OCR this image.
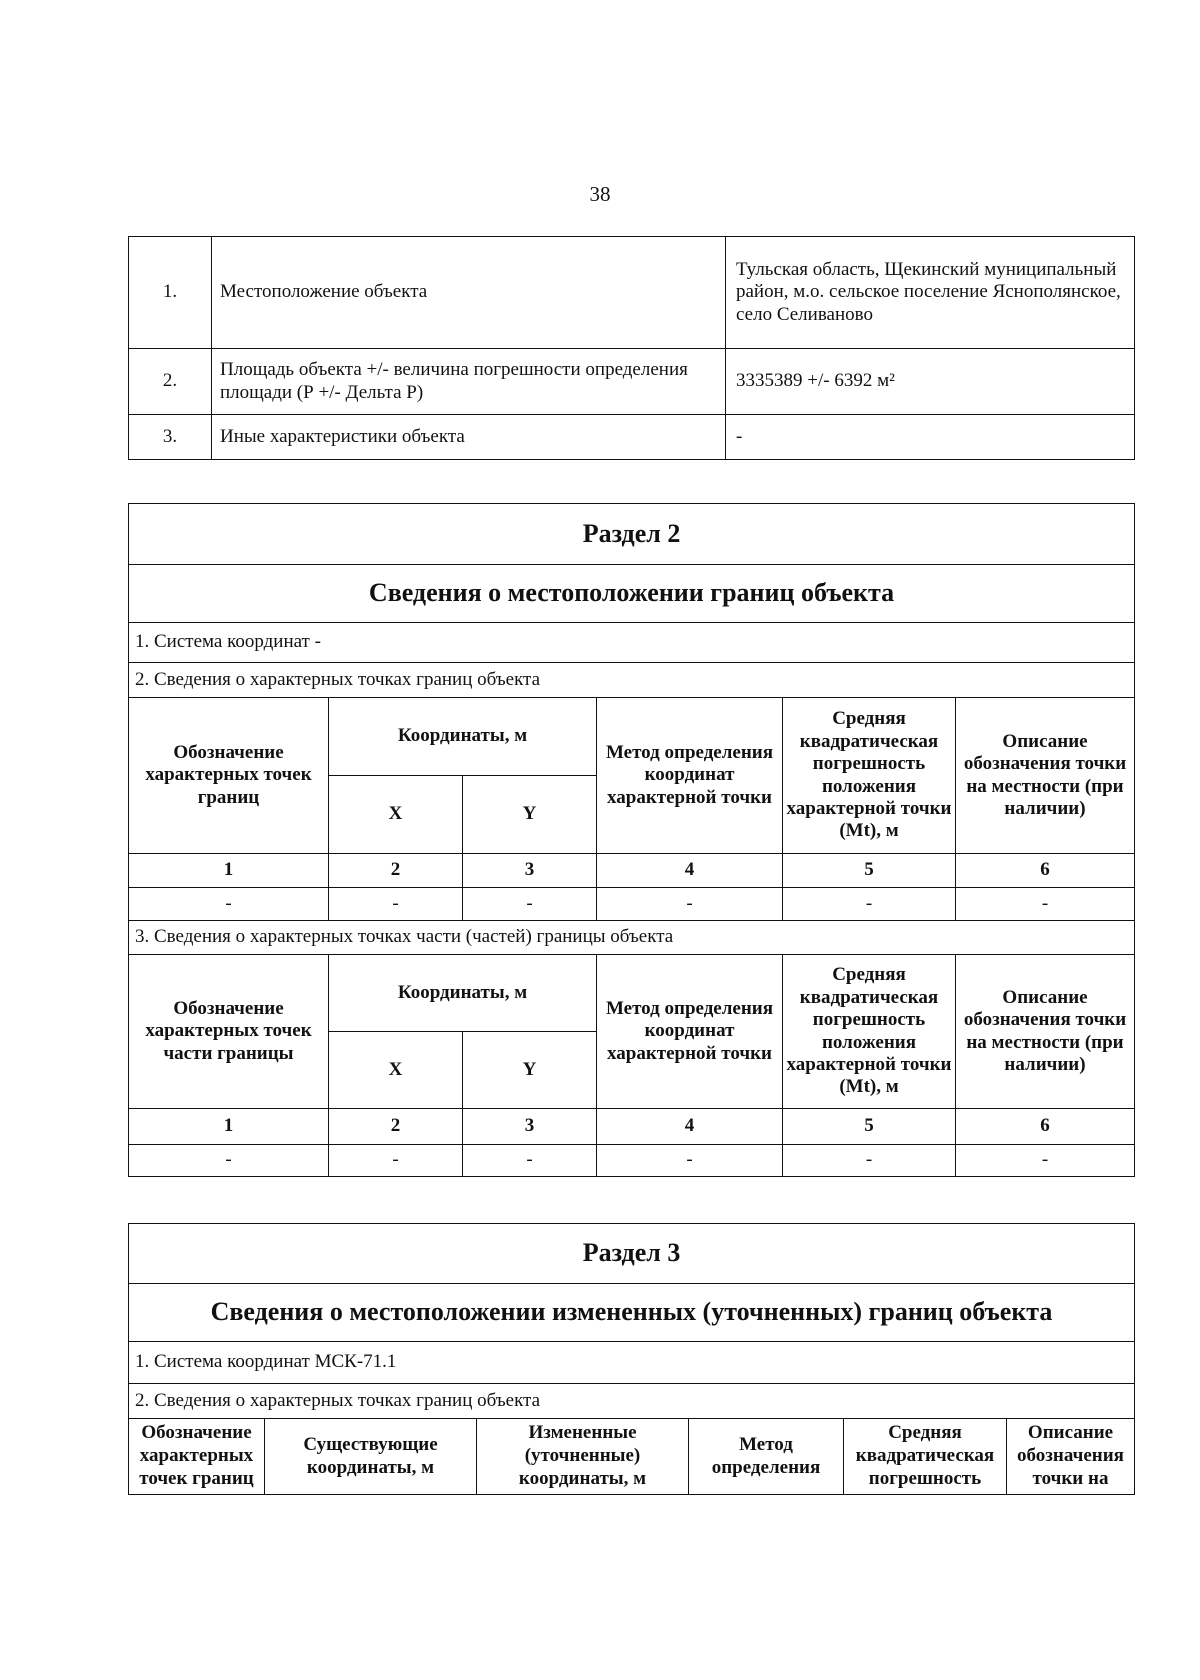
38
1.	Местоположение объекта	Тульская область, Щекинский муниципальный район, м.о. сельское поселение Яснополянское, село Селиваново
2.	Площадь объекта +/- величина погрешности определения площади (Р +/- Дельта Р)	3335389 +/- 6392 м²
3.	Иные характеристики объекта	-
Раздел 2					
Сведения о местоположении границ объекта					
1. Система координат -					
2. Сведения о характерных точках границ объекта					
Обозначение характерных точек границ	Координаты, м		Метод определения координат характерной точки	Средняя квадратическая погрешность положения характерной точки (Mt), м	Описание обозначения точки на местности (при наличии)
	X	Y			
1	2	3	4	5	6
-	-	-	-	-	-
3. Сведения о характерных точках части (частей) границы объекта					
Обозначение характерных точек части границы	Координаты, м		Метод определения координат характерной точки	Средняя квадратическая погрешность положения характерной точки (Mt), м	Описание обозначения точки на местности (при наличии)
	X	Y			
1	2	3	4	5	6
-	-	-	-	-	-
Раздел 3
Сведения о местоположении измененных (уточненных) границ объекта
1. Система координат МСК-71.1
2. Сведения о характерных точках границ объекта
Обозначение характерных точек границ	Существующие координаты, м	Измененные (уточненные) координаты, м	Метод определения	Средняя квадратическая погрешность	Описание обозначения точки на
